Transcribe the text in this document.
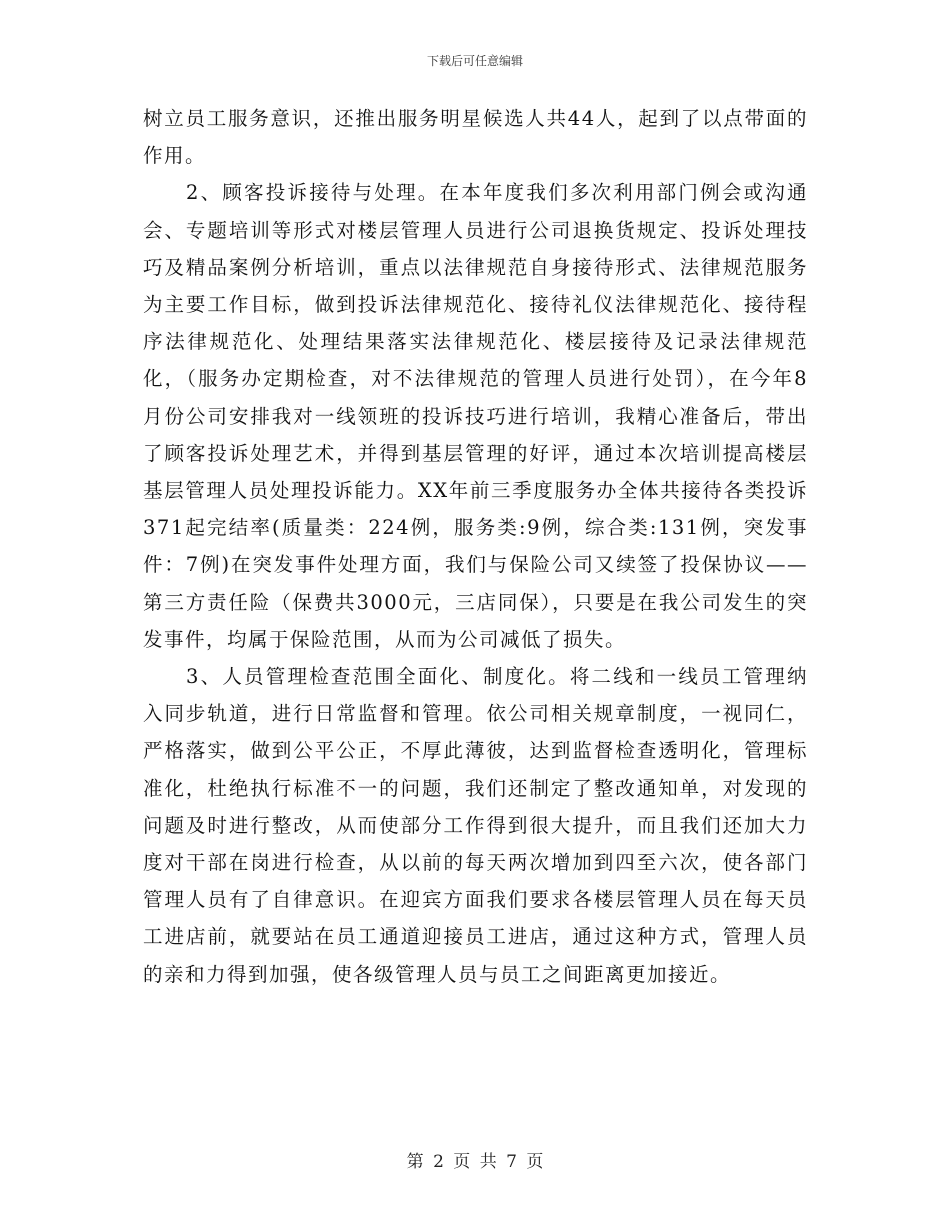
下载后可任意编辑

树立员工服务意识，还推出服务明星候选人共44人，起到了以点带面的作用。

2、顾客投诉接待与处理。在本年度我们多次利用部门例会或沟通会、专题培训等形式对楼层管理人员进行公司退换货规定、投诉处理技巧及精品案例分析培训，重点以法律规范自身接待形式、法律规范服务为主要工作目标，做到投诉法律规范化、接待礼仪法律规范化、接待程序法律规范化、处理结果落实法律规范化、楼层接待及记录法律规范化，（服务办定期检查，对不法律规范的管理人员进行处罚），在今年8月份公司安排我对一线领班的投诉技巧进行培训，我精心准备后，带出了顾客投诉处理艺术，并得到基层管理的好评，通过本次培训提高楼层基层管理人员处理投诉能力。XX年前三季度服务办全体共接待各类投诉371起完结率(质量类：224例，服务类:9例，综合类:131例，突发事件：7例)在突发事件处理方面，我们与保险公司又续签了投保协议——第三方责任险（保费共3000元，三店同保），只要是在我公司发生的突发事件，均属于保险范围，从而为公司减低了损失。

3、人员管理检查范围全面化、制度化。将二线和一线员工管理纳入同步轨道，进行日常监督和管理。依公司相关规章制度，一视同仁，严格落实，做到公平公正，不厚此薄彼，达到监督检查透明化，管理标准化，杜绝执行标准不一的问题，我们还制定了整改通知单，对发现的问题及时进行整改，从而使部分工作得到很大提升，而且我们还加大力度对干部在岗进行检查，从以前的每天两次增加到四至六次，使各部门管理人员有了自律意识。在迎宾方面我们要求各楼层管理人员在每天员工进店前，就要站在员工通道迎接员工进店，通过这种方式，管理人员的亲和力得到加强，使各级管理人员与员工之间距离更加接近。

第 2 页 共 7 页
